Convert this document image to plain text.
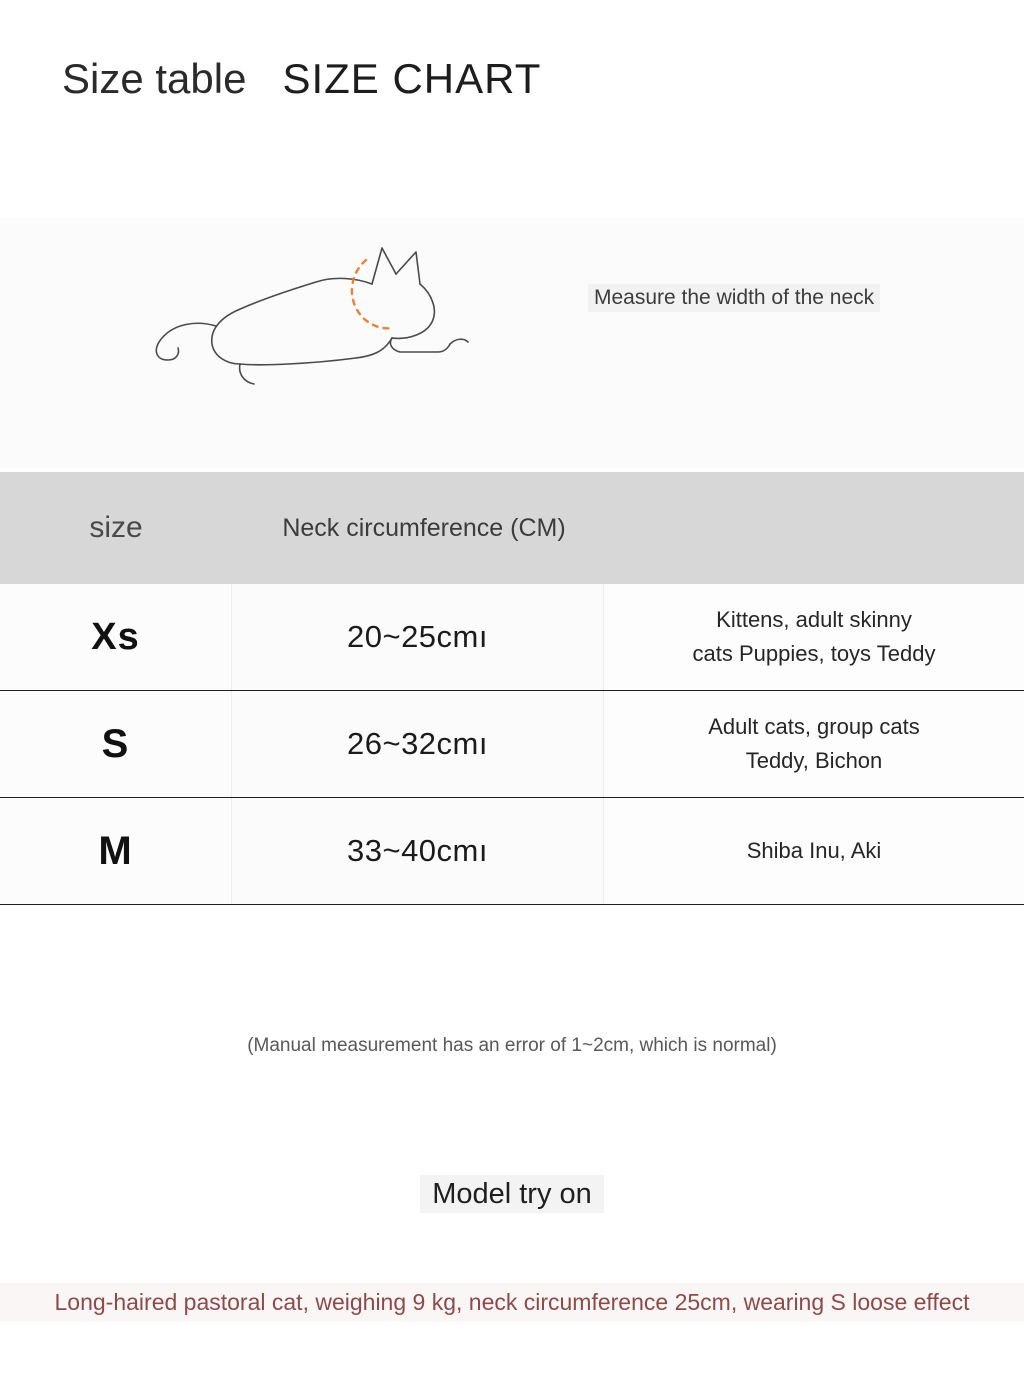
Size table SIZE CHART
Measure the width of the neck
size	Neck circumference (CM)
Xs	20~25cmı	Kittens, adult skinny
cats Puppies, toys Teddy
S	26~32cmı	Adult cats, group cats
Teddy, Bichon
M	33~40cmı	Shiba Inu, Aki
(Manual measurement has an error of 1~2cm, which is normal)
Model try on
Long-haired pastoral cat, weighing 9 kg, neck circumference 25cm, wearing S loose effect
